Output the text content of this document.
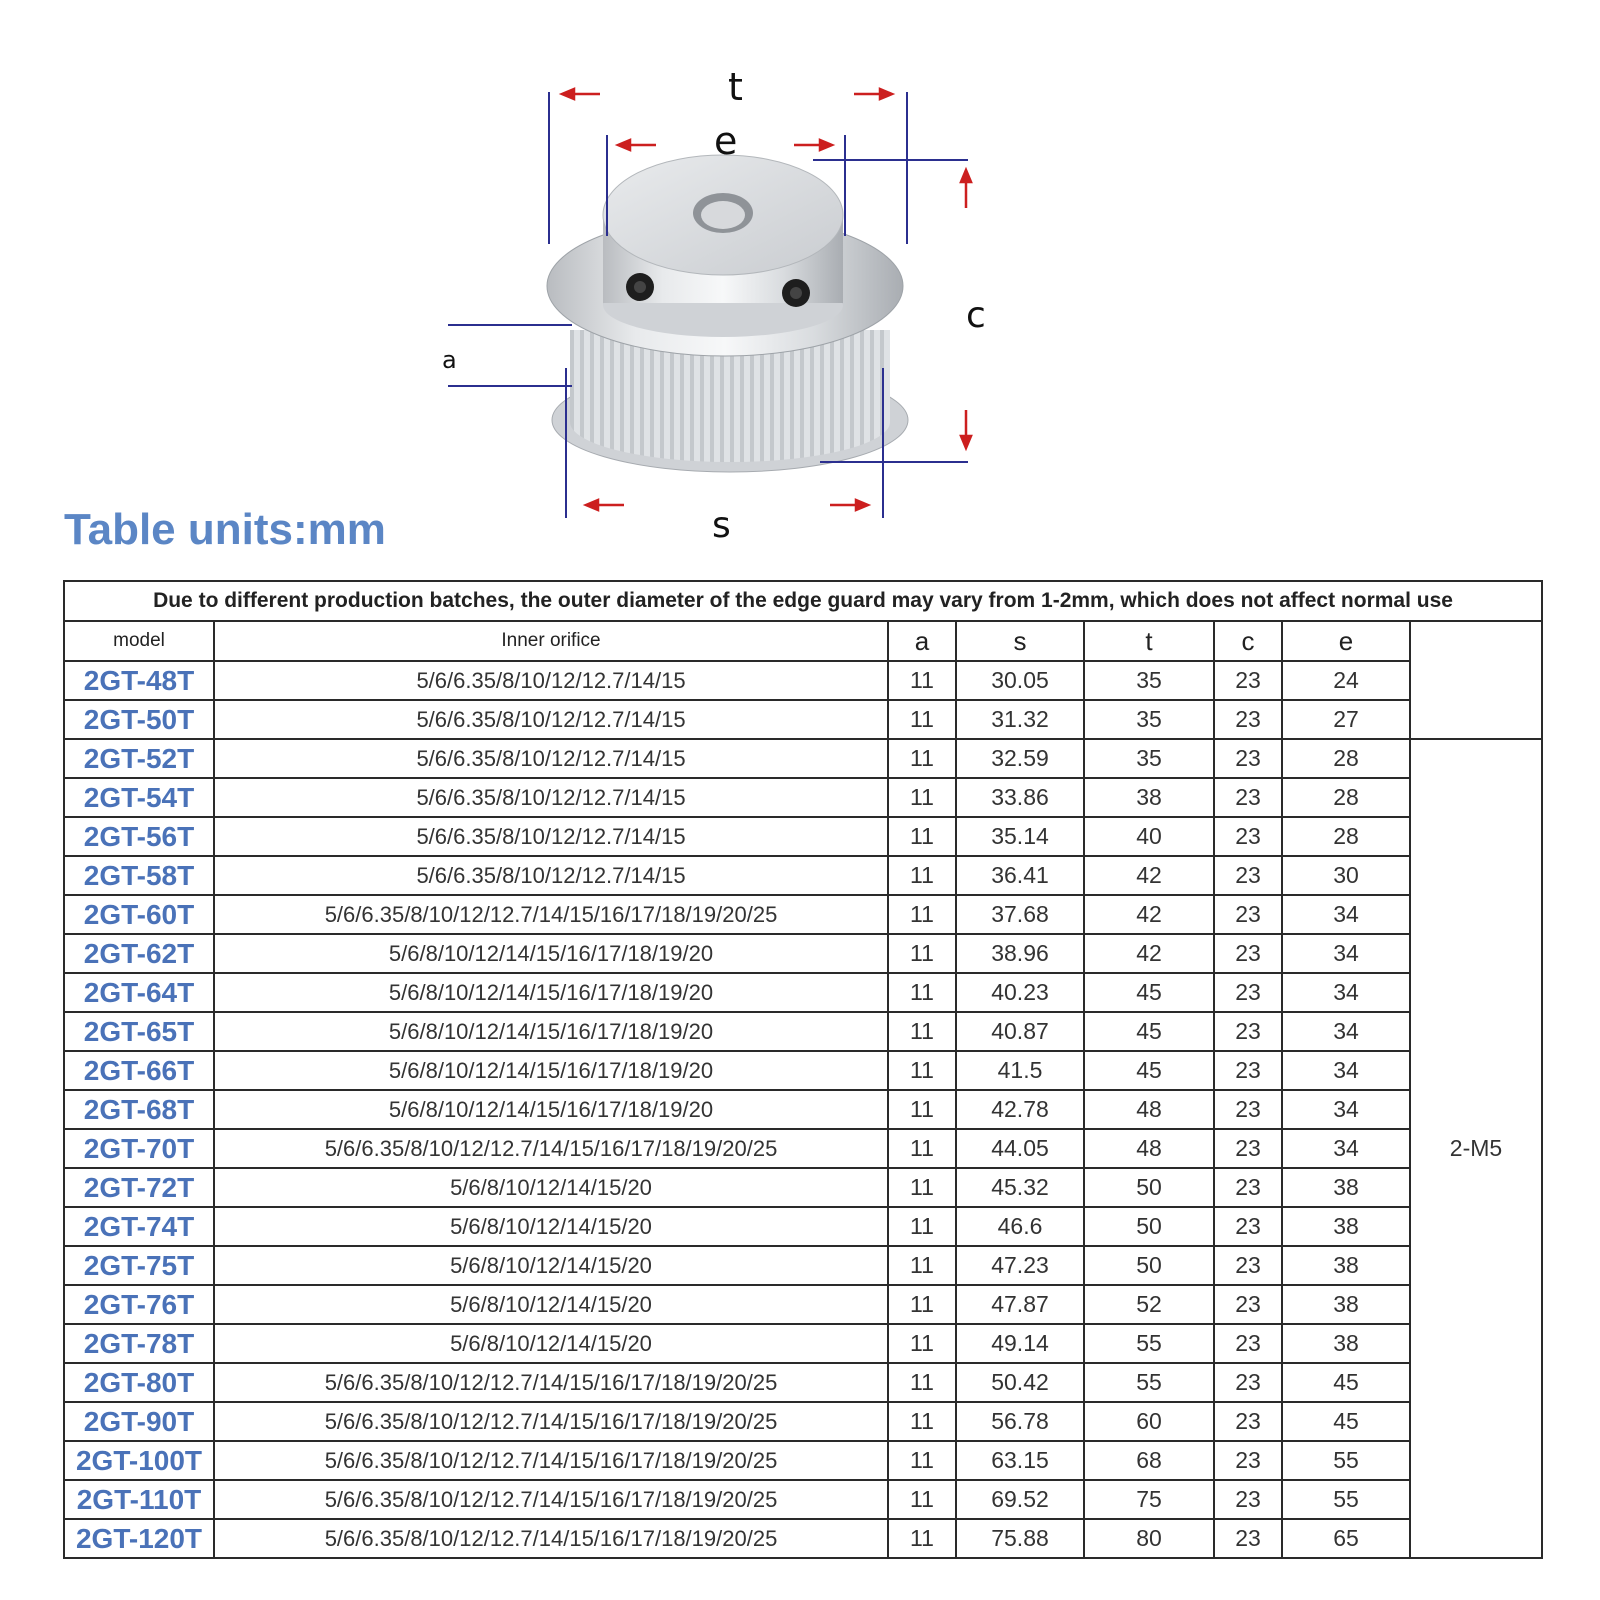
t
e
c
a
s
Table units:mm
Due to different production batches, the outer diameter of the edge guard may vary from 1-2mm, which does not affect normal use							
model	Inner orifice	a	s	t	c	e	
2GT-48T	5/6/6.35/8/10/12/12.7/14/15	11	30.05	35	23	24	
2GT-50T	5/6/6.35/8/10/12/12.7/14/15	11	31.32	35	23	27	
2GT-52T	5/6/6.35/8/10/12/12.7/14/15	11	32.59	35	23	28	2-M5
2GT-54T	5/6/6.35/8/10/12/12.7/14/15	11	33.86	38	23	28	
2GT-56T	5/6/6.35/8/10/12/12.7/14/15	11	35.14	40	23	28	
2GT-58T	5/6/6.35/8/10/12/12.7/14/15	11	36.41	42	23	30	
2GT-60T	5/6/6.35/8/10/12/12.7/14/15/16/17/18/19/20/25	11	37.68	42	23	34	
2GT-62T	5/6/8/10/12/14/15/16/17/18/19/20	11	38.96	42	23	34	
2GT-64T	5/6/8/10/12/14/15/16/17/18/19/20	11	40.23	45	23	34	
2GT-65T	5/6/8/10/12/14/15/16/17/18/19/20	11	40.87	45	23	34	
2GT-66T	5/6/8/10/12/14/15/16/17/18/19/20	11	41.5	45	23	34	
2GT-68T	5/6/8/10/12/14/15/16/17/18/19/20	11	42.78	48	23	34	
2GT-70T	5/6/6.35/8/10/12/12.7/14/15/16/17/18/19/20/25	11	44.05	48	23	34	
2GT-72T	5/6/8/10/12/14/15/20	11	45.32	50	23	38	
2GT-74T	5/6/8/10/12/14/15/20	11	46.6	50	23	38	
2GT-75T	5/6/8/10/12/14/15/20	11	47.23	50	23	38	
2GT-76T	5/6/8/10/12/14/15/20	11	47.87	52	23	38	
2GT-78T	5/6/8/10/12/14/15/20	11	49.14	55	23	38	
2GT-80T	5/6/6.35/8/10/12/12.7/14/15/16/17/18/19/20/25	11	50.42	55	23	45	
2GT-90T	5/6/6.35/8/10/12/12.7/14/15/16/17/18/19/20/25	11	56.78	60	23	45	
2GT-100T	5/6/6.35/8/10/12/12.7/14/15/16/17/18/19/20/25	11	63.15	68	23	55	
2GT-110T	5/6/6.35/8/10/12/12.7/14/15/16/17/18/19/20/25	11	69.52	75	23	55	
2GT-120T	5/6/6.35/8/10/12/12.7/14/15/16/17/18/19/20/25	11	75.88	80	23	65	
